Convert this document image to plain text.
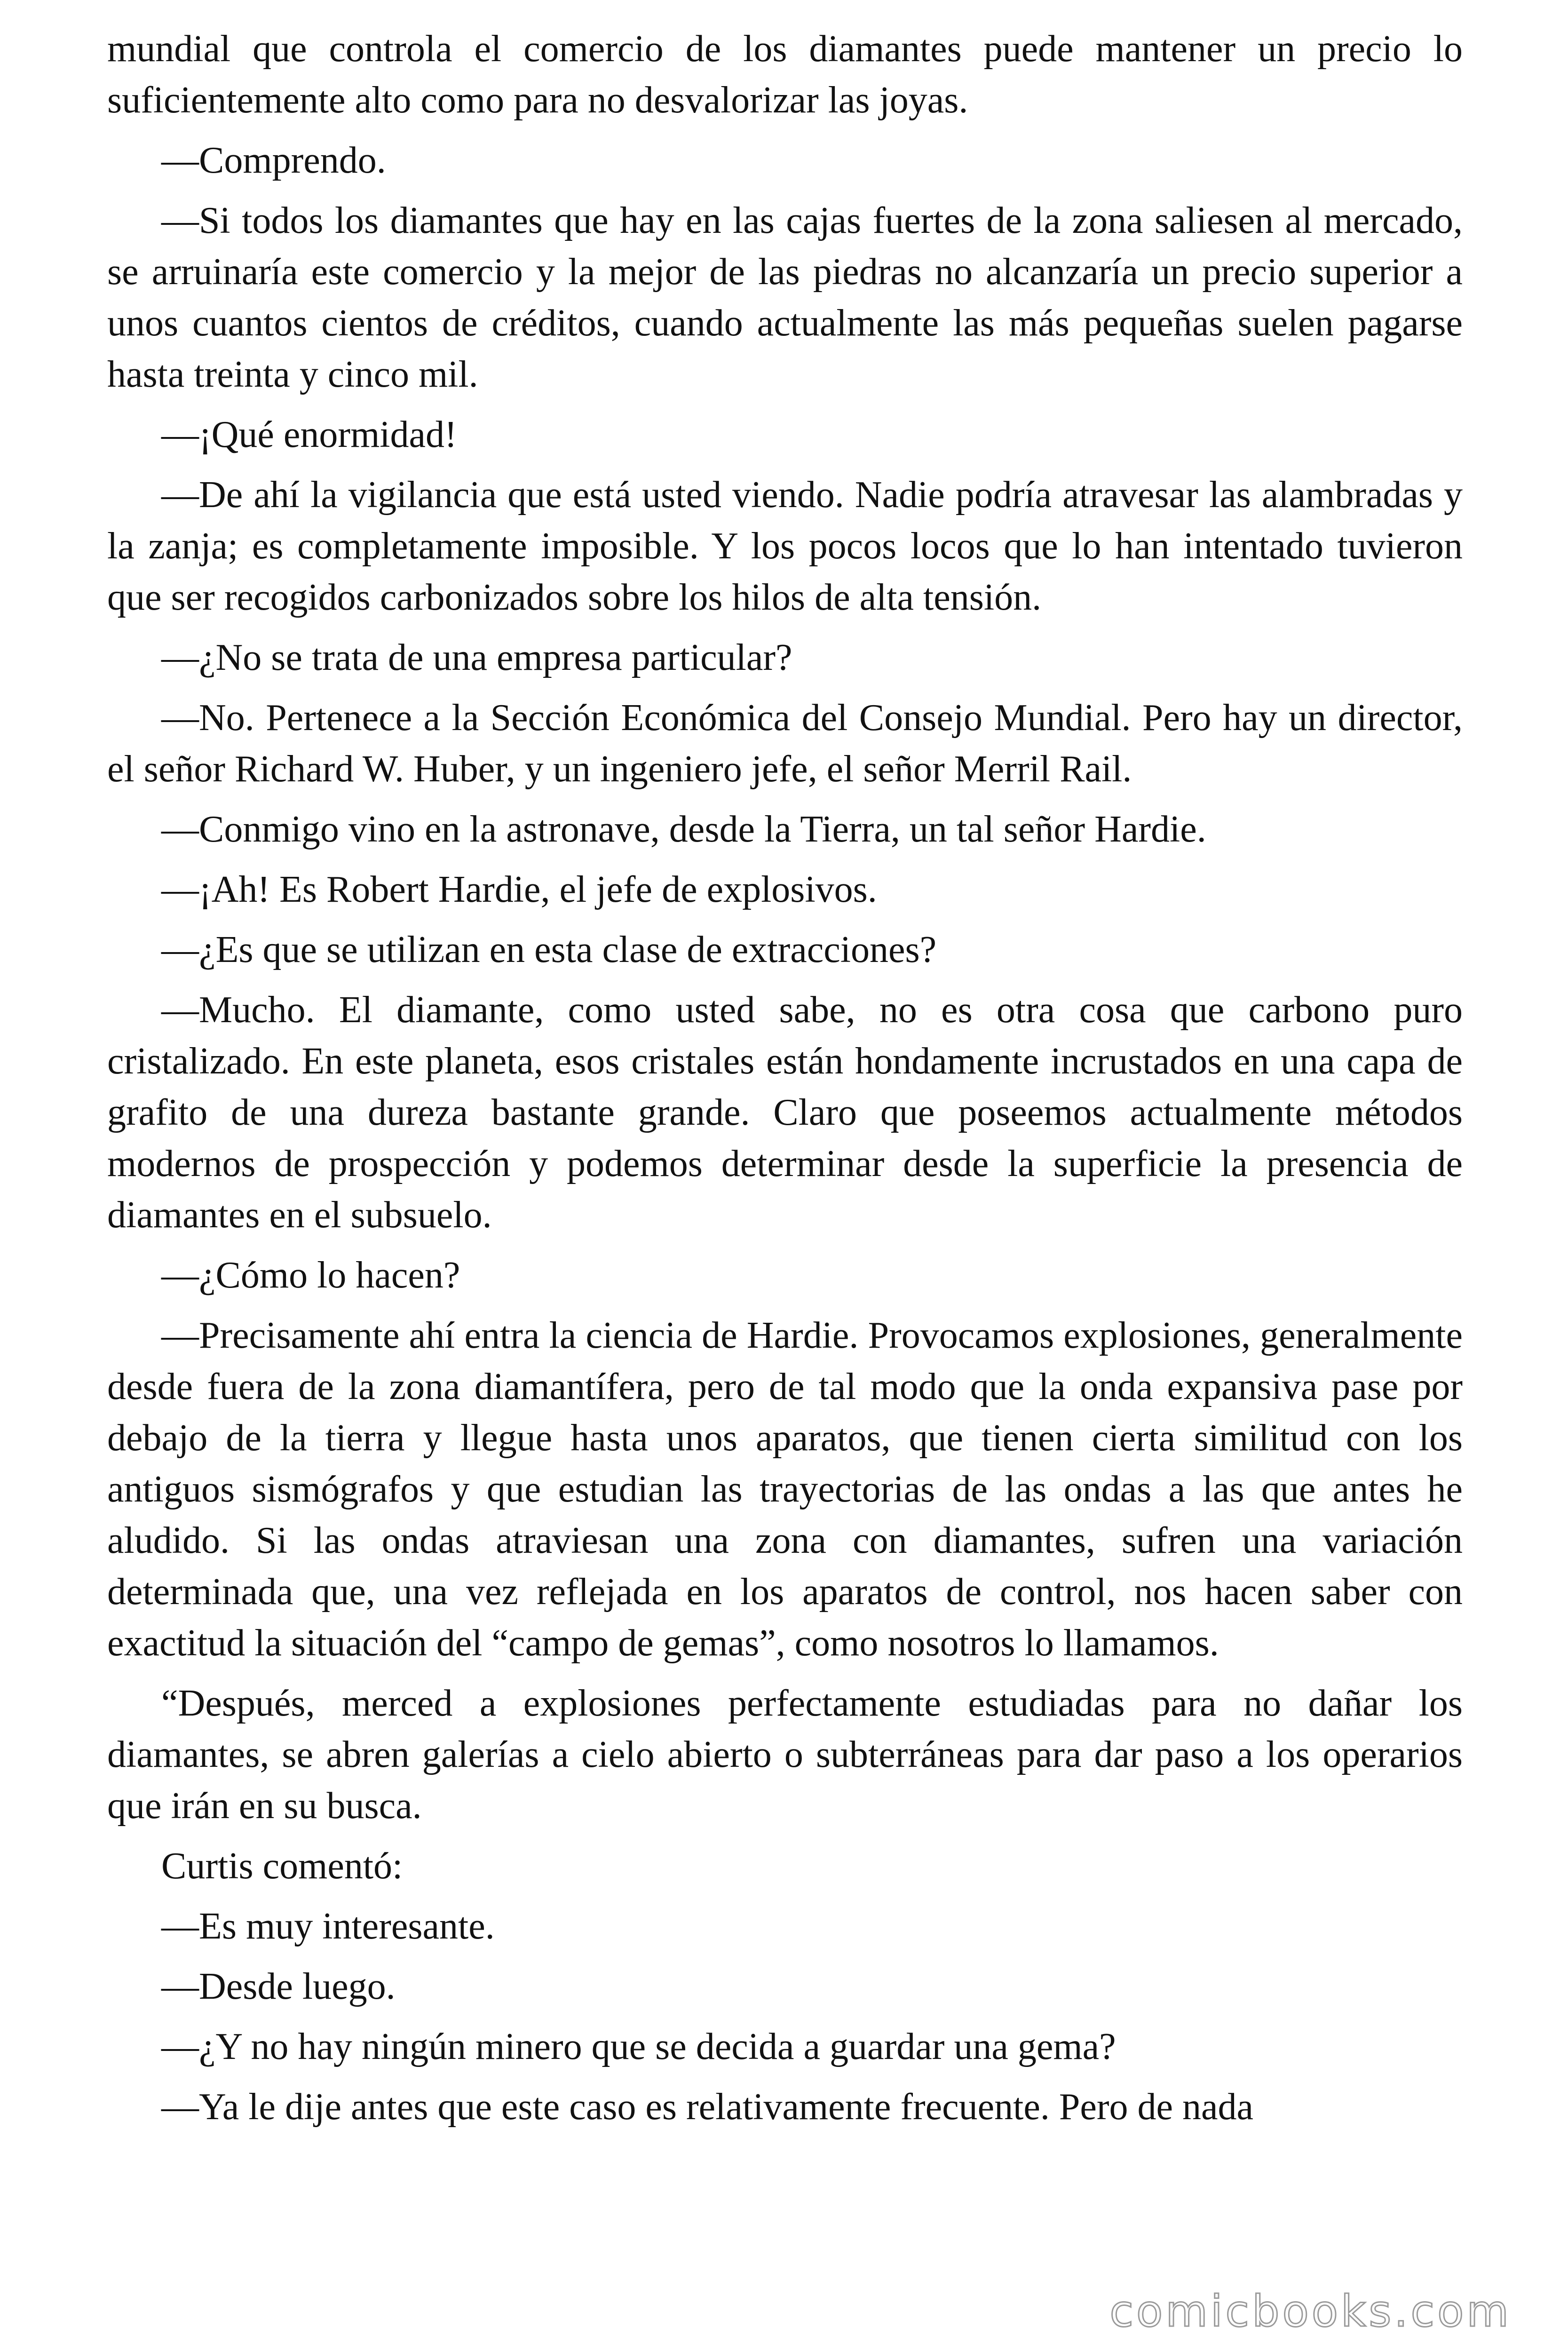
mundial que controla el comercio de los diamantes puede mantener un precio lo suficientemente alto como para no desvalorizar las joyas.

—Comprendo.

—Si todos los diamantes que hay en las cajas fuertes de la zona saliesen al mercado, se arruinaría este comercio y la mejor de las piedras no alcanzaría un precio superior a unos cuantos cientos de créditos, cuando actualmente las más pequeñas suelen pagarse hasta treinta y cinco mil.

—¡Qué enormidad!

—De ahí la vigilancia que está usted viendo. Nadie podría atravesar las alambradas y la zanja; es completamente imposible. Y los pocos locos que lo han intentado tuvieron que ser recogidos carbonizados sobre los hilos de alta tensión.

—¿No se trata de una empresa particular?

—No. Pertenece a la Sección Económica del Consejo Mundial. Pero hay un director, el señor Richard W. Huber, y un ingeniero jefe, el señor Merril Rail.

—Conmigo vino en la astronave, desde la Tierra, un tal señor Hardie.

—¡Ah! Es Robert Hardie, el jefe de explosivos.

—¿Es que se utilizan en esta clase de extracciones?

—Mucho. El diamante, como usted sabe, no es otra cosa que carbono puro cristalizado. En este planeta, esos cristales están hondamente incrustados en una capa de grafito de una dureza bastante grande. Claro que poseemos actualmente métodos modernos de prospección y podemos determinar desde la superficie la presencia de diamantes en el subsuelo.

—¿Cómo lo hacen?

—Precisamente ahí entra la ciencia de Hardie. Provocamos explosiones, generalmente desde fuera de la zona diamantífera, pero de tal modo que la onda expansiva pase por debajo de la tierra y llegue hasta unos aparatos, que tienen cierta similitud con los antiguos sismógrafos y que estudian las trayectorias de las ondas a las que antes he aludido. Si las ondas atraviesan una zona con diamantes, sufren una variación determinada que, una vez reflejada en los aparatos de control, nos hacen saber con exactitud la situación del “campo de gemas”, como nosotros lo llamamos.

“Después, merced a explosiones perfectamente estudiadas para no dañar los diamantes, se abren galerías a cielo abierto o subterráneas para dar paso a los operarios que irán en su busca.

Curtis comentó:

—Es muy interesante.

—Desde luego.

—¿Y no hay ningún minero que se decida a guardar una gema?

—Ya le dije antes que este caso es relativamente frecuente. Pero de nada

comicbooks.com
